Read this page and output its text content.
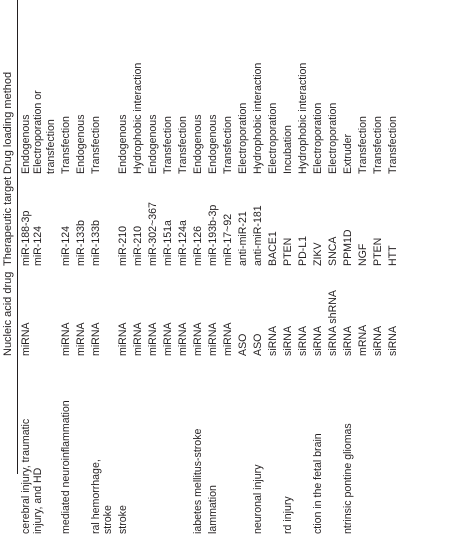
Nucleic acid drug
Therapeutic target
Drug loading method
cerebral injury, traumatic injury, and HD
miRNA
miR-188-3p miR-124
Endogenous Electroporation or transfection
mediated neuroinflammation
miRNA
miR-124
Transfection
miRNA
miR-133b
Endogenous
ral hemorrhage, stroke
miRNA
miR-133b
Transfection
stroke
miRNA
miR-210
Endogenous
miRNA
miR-210
Hydrophobic interaction
miRNA
miR-302~367
Endogenous
miRNA
miR-151a
Transfection
miRNA
miR-124a
Transfection
iabetes mellitus-stroke
miRNA
miR-126
Endogenous
lammation
miRNA
miR-193b-3p
Endogenous
miRNA
miR-17~92
Transfection
ASO
anti-miR-21
Electroporation
neuronal injury
ASO
anti-miR-181
Hydrophobic interaction
siRNA
BACE1
Electroporation
rd injury
siRNA
PTEN
Incubation
siRNA
PD-L1
Hydrophobic interaction
ction in the fetal brain
siRNA
ZIKV
Electroporation
siRNA shRNA
SNCA
Electroporation
ntrinsic pontine gliomas
siRNA
PPM1D
Extruder
mRNA
NGF
Transfection
siRNA
PTEN
Transfection
siRNA
HTT
Transfection
